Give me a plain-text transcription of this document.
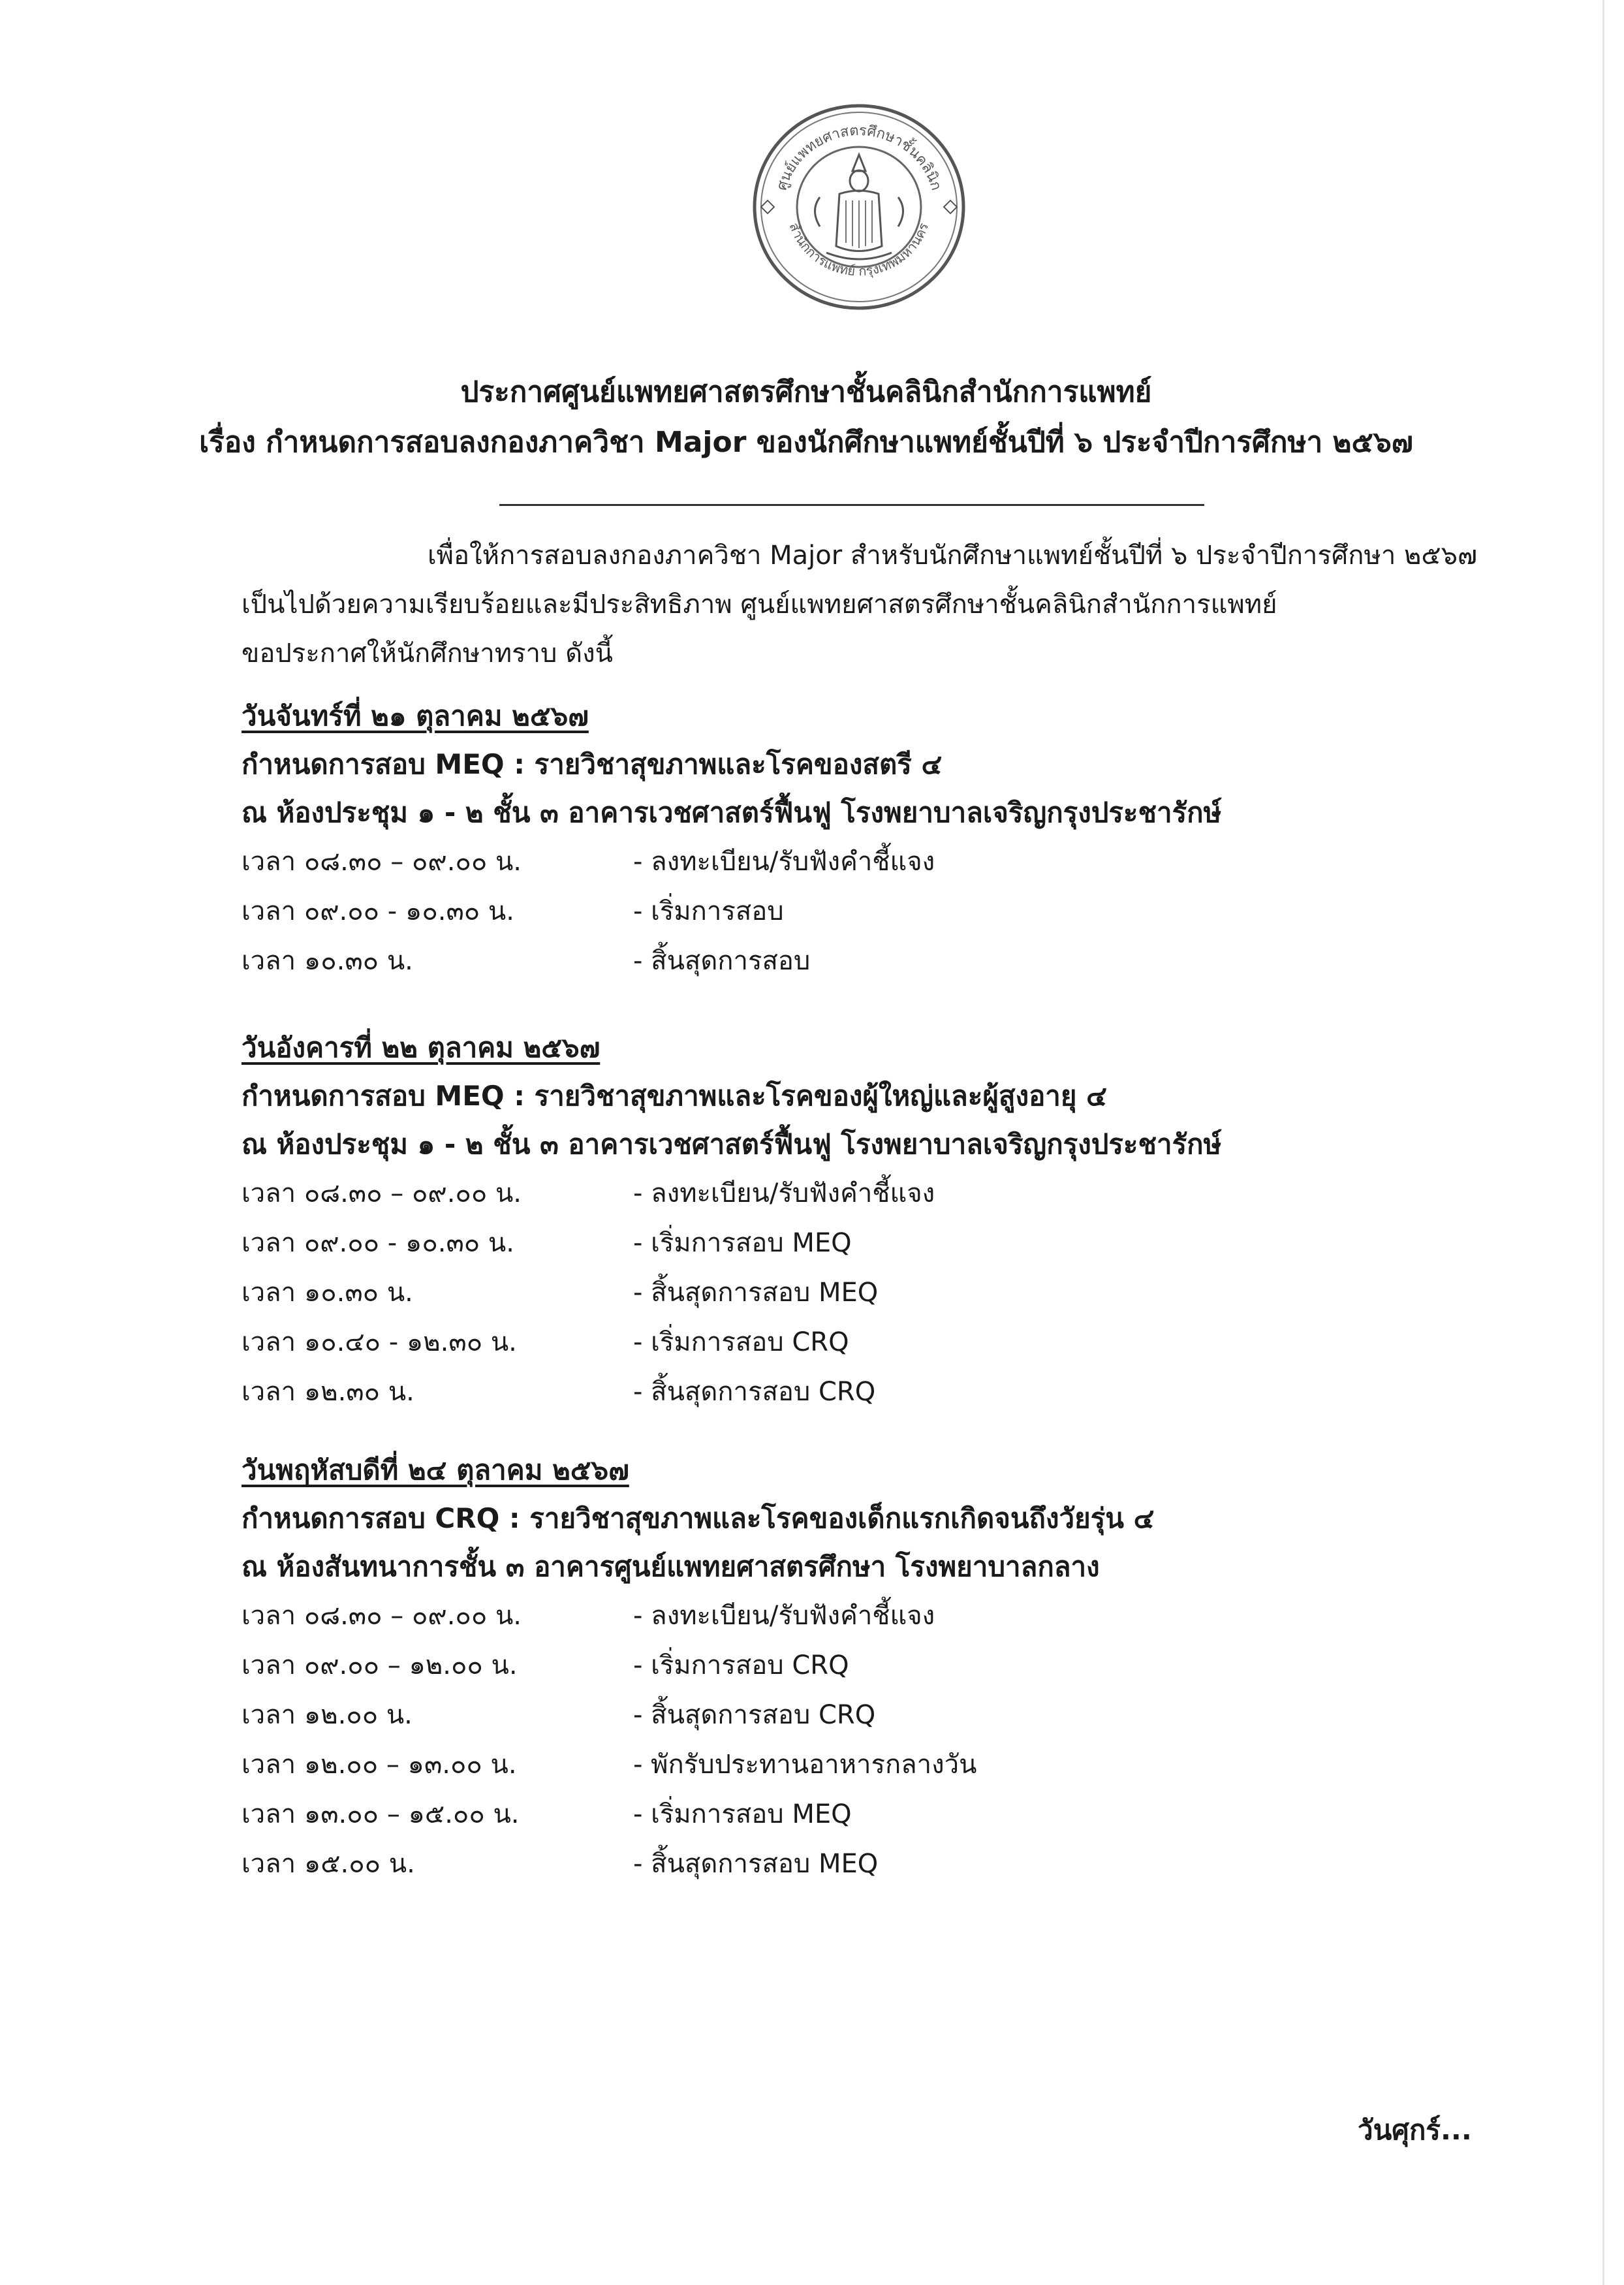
ศูนย์แพทยศาสตรศึกษาชั้นคลินิก
สำนักการแพทย์ กรุงเทพมหานคร
ประกาศศูนย์แพทยศาสตรศึกษาชั้นคลินิกสำนักการแพทย์
เรื่อง กำหนดการสอบลงกองภาควิชา Major ของนักศึกษาแพทย์ชั้นปีที่ ๖ ประจำปีการศึกษา ๒๕๖๗
เพื่อให้การสอบลงกองภาควิชา Major สำหรับนักศึกษาแพทย์ชั้นปีที่ ๖ ประจำปีการศึกษา ๒๕๖๗
เป็นไปด้วยความเรียบร้อยและมีประสิทธิภาพ ศูนย์แพทยศาสตรศึกษาชั้นคลินิกสำนักการแพทย์
ขอประกาศให้นักศึกษาทราบ ดังนี้
วันจันทร์ที่ ๒๑ ตุลาคม ๒๕๖๗
กำหนดการสอบ MEQ : รายวิชาสุขภาพและโรคของสตรี ๔
ณ ห้องประชุม ๑ - ๒ ชั้น ๓ อาคารเวชศาสตร์ฟื้นฟู โรงพยาบาลเจริญกรุงประชารักษ์
เวลา ๐๘.๓๐ – ๐๙.๐๐ น.	- ลงทะเบียน/รับฟังคำชี้แจง
เวลา ๐๙.๐๐ - ๑๐.๓๐ น.	- เริ่มการสอบ
เวลา ๑๐.๓๐ น.	- สิ้นสุดการสอบ
วันอังคารที่ ๒๒ ตุลาคม ๒๕๖๗
กำหนดการสอบ MEQ : รายวิชาสุขภาพและโรคของผู้ใหญ่และผู้สูงอายุ ๔
ณ ห้องประชุม ๑ - ๒ ชั้น ๓ อาคารเวชศาสตร์ฟื้นฟู โรงพยาบาลเจริญกรุงประชารักษ์
เวลา ๐๘.๓๐ – ๐๙.๐๐ น.	- ลงทะเบียน/รับฟังคำชี้แจง
เวลา ๐๙.๐๐ - ๑๐.๓๐ น.	- เริ่มการสอบ MEQ
เวลา ๑๐.๓๐ น.	- สิ้นสุดการสอบ MEQ
เวลา ๑๐.๔๐ - ๑๒.๓๐ น.	- เริ่มการสอบ CRQ
เวลา ๑๒.๓๐ น.	- สิ้นสุดการสอบ CRQ
วันพฤหัสบดีที่ ๒๔ ตุลาคม ๒๕๖๗
กำหนดการสอบ CRQ : รายวิชาสุขภาพและโรคของเด็กแรกเกิดจนถึงวัยรุ่น ๔
ณ ห้องสันทนาการชั้น ๓ อาคารศูนย์แพทยศาสตรศึกษา โรงพยาบาลกลาง
เวลา ๐๘.๓๐ – ๐๙.๐๐ น.	- ลงทะเบียน/รับฟังคำชี้แจง
เวลา ๐๙.๐๐ – ๑๒.๐๐ น.	- เริ่มการสอบ CRQ
เวลา ๑๒.๐๐ น.	- สิ้นสุดการสอบ CRQ
เวลา ๑๒.๐๐ – ๑๓.๐๐ น.	- พักรับประทานอาหารกลางวัน
เวลา ๑๓.๐๐ – ๑๕.๐๐ น.	- เริ่มการสอบ MEQ
เวลา ๑๕.๐๐ น.	- สิ้นสุดการสอบ MEQ
วันศุกร์...
